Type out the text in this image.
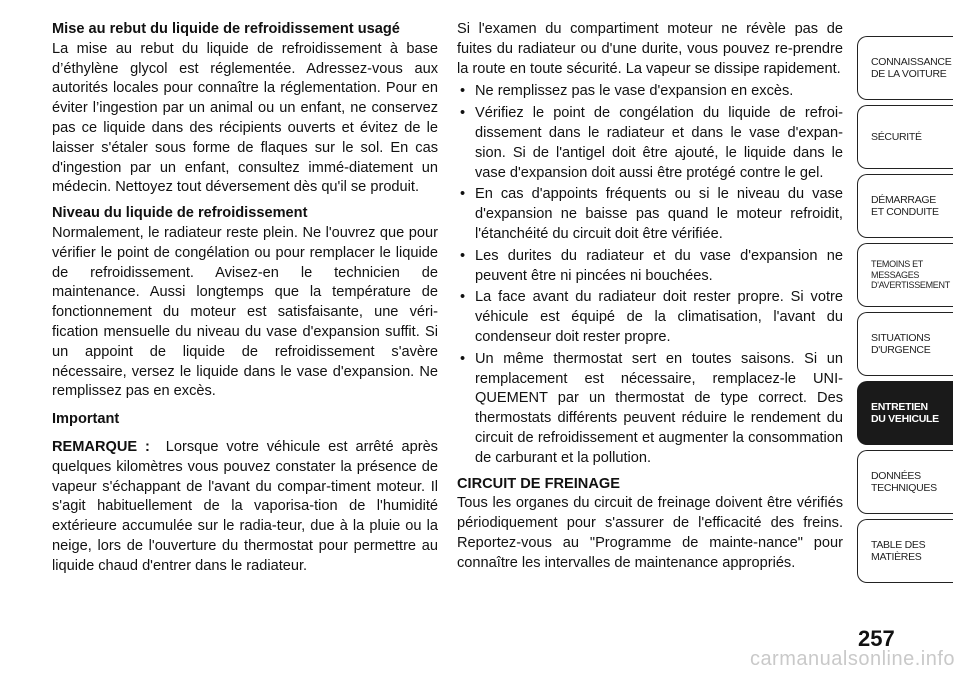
Mise au rebut du liquide de refroidissement usagé
La mise au rebut du liquide de refroidissement à base d’éthylène glycol est réglementée. Adressez-vous aux autorités locales pour connaître la réglementation. Pour en éviter l’ingestion par un animal ou un enfant, ne conservez pas ce liquide dans des récipients ouverts et évitez de le laisser s'étaler sous forme de flaques sur le sol. En cas d'ingestion par un enfant, consultez immé-diatement un médecin. Nettoyez tout déversement dès qu'il se produit.
Niveau du liquide de refroidissement
Normalement, le radiateur reste plein. Ne l'ouvrez que pour vérifier le point de congélation ou pour remplacer le liquide de refroidissement. Avisez-en le technicien de maintenance. Aussi longtemps que la température de fonctionnement du moteur est satisfaisante, une véri-fication mensuelle du niveau du vase d'expansion suffit. Si un appoint de liquide de refroidissement s'avère nécessaire, versez le liquide dans le vase d'expansion. Ne remplissez pas en excès.
Important
REMARQUE : Lorsque votre véhicule est arrêté après quelques kilomètres vous pouvez constater la présence de vapeur s'échappant de l'avant du compar-timent moteur. Il s'agit habituellement de la vaporisa-tion de l'humidité extérieure accumulée sur le radia-teur, due à la pluie ou la neige, lors de l'ouverture du thermostat pour permettre au liquide chaud d'entrer dans le radiateur.
Si l'examen du compartiment moteur ne révèle pas de fuites du radiateur ou d'une durite, vous pouvez re-prendre la route en toute sécurité. La vapeur se dissipe rapidement.
• Ne remplissez pas le vase d'expansion en excès.
• Vérifiez le point de congélation du liquide de refroi-dissement dans le radiateur et dans le vase d'expan-sion. Si de l'antigel doit être ajouté, le liquide dans le vase d'expansion doit aussi être protégé contre le gel.
• En cas d'appoints fréquents ou si le niveau du vase d'expansion ne baisse pas quand le moteur refroidit, l'étanchéité du circuit doit être vérifiée.
• Les durites du radiateur et du vase d'expansion ne peuvent être ni pincées ni bouchées.
• La face avant du radiateur doit rester propre. Si votre véhicule est équipé de la climatisation, l'avant du condenseur doit rester propre.
• Un même thermostat sert en toutes saisons. Si un remplacement est nécessaire, remplacez-le UNI-QUEMENT par un thermostat de type correct. Des thermostats différents peuvent réduire le rendement du circuit de refroidissement et augmenter la consommation de carburant et la pollution.
CIRCUIT DE FREINAGE
Tous les organes du circuit de freinage doivent être vérifiés périodiquement pour s'assurer de l'efficacité des freins. Reportez-vous au "Programme de mainte-nance" pour connaître les intervalles de maintenance appropriés.
CONNAISSANCE
DE LA VOITURE
SÉCURITÉ
DÉMARRAGE
ET CONDUITE
TEMOINS ET
MESSAGES
D'AVERTISSEMENT
SITUATIONS
D'URGENCE
ENTRETIEN
DU VEHICULE
DONNÉES
TECHNIQUES
TABLE DES
MATIÈRES
257
carmanualsonline.info
